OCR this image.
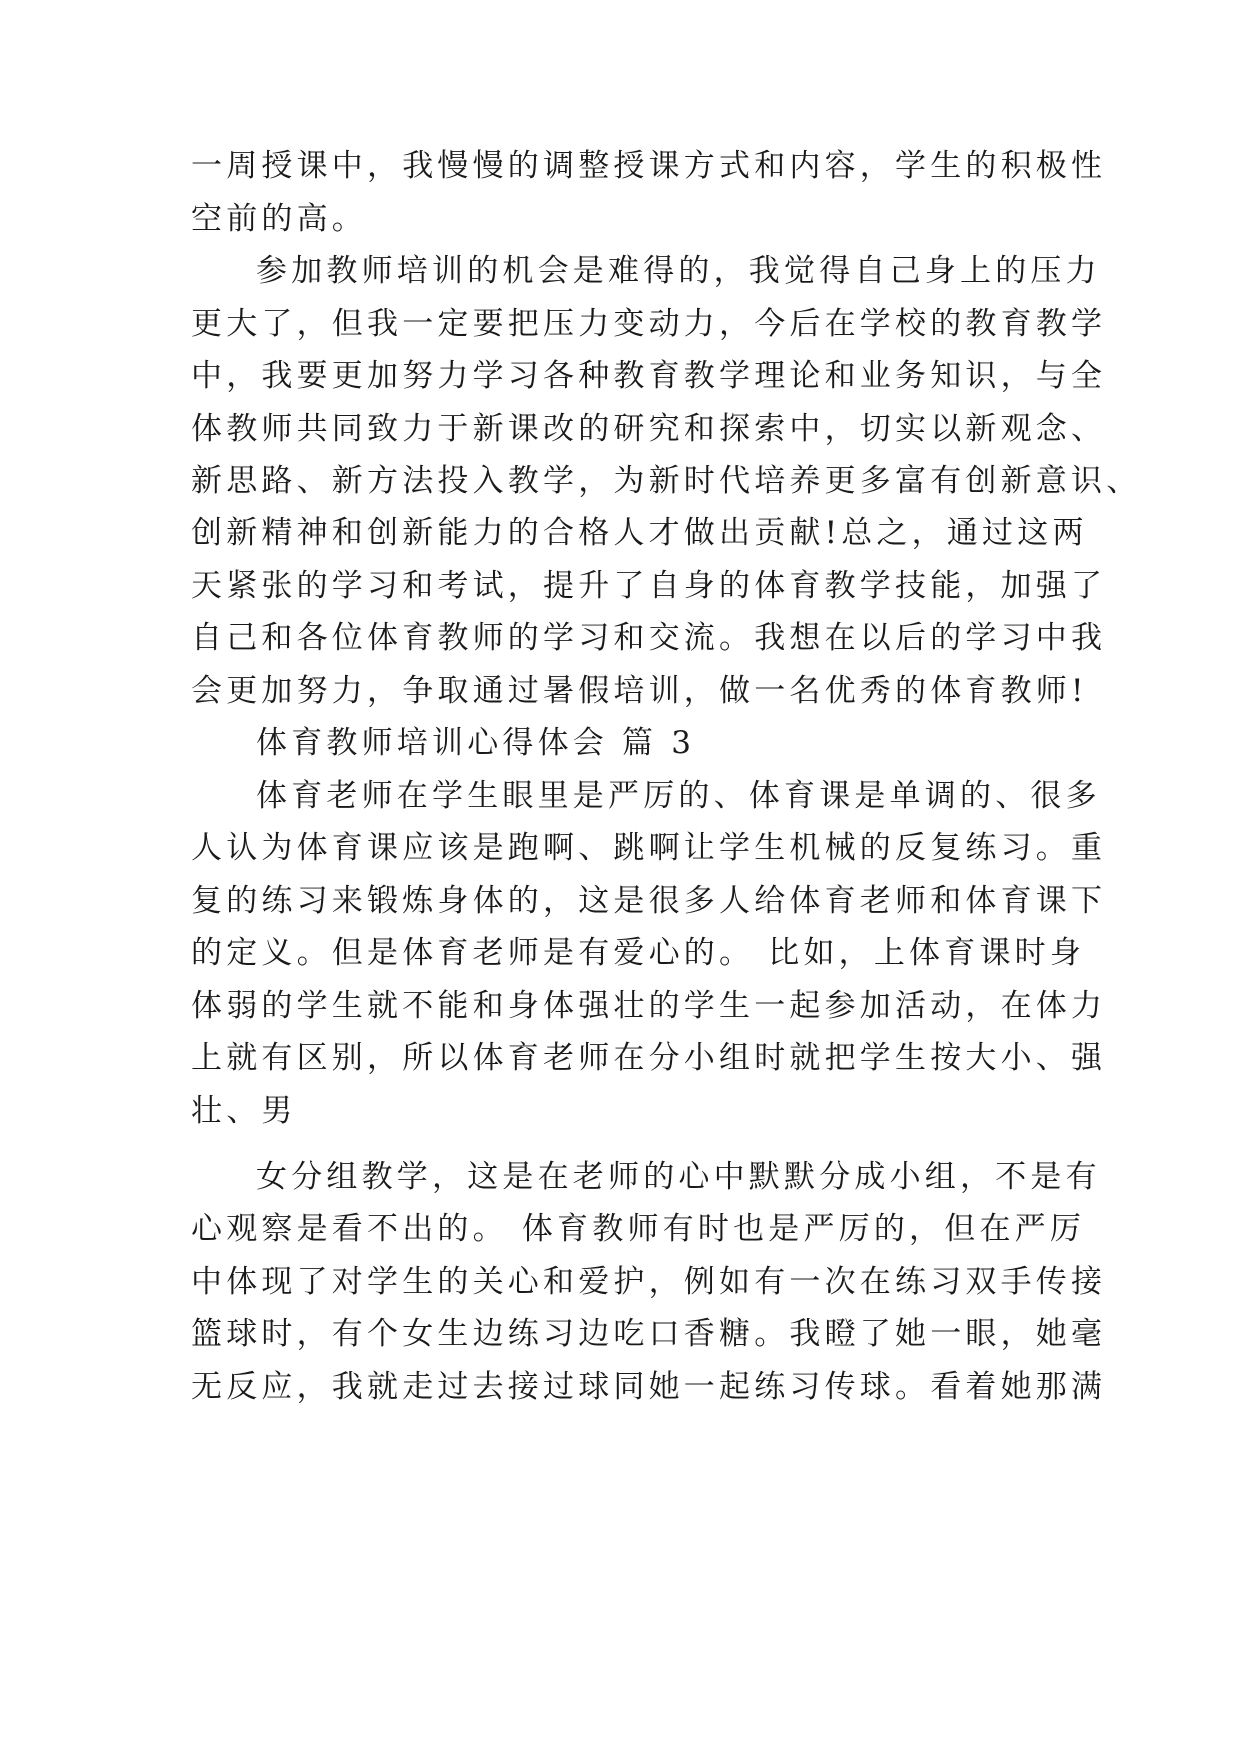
一周授课中，我慢慢的调整授课方式和内容，学生的积极性
空前的高。
参加教师培训的机会是难得的，我觉得自己身上的压力
更大了，但我一定要把压力变动力，今后在学校的教育教学
中，我要更加努力学习各种教育教学理论和业务知识，与全
体教师共同致力于新课改的研究和探索中，切实以新观念、
新思路、新方法投入教学，为新时代培养更多富有创新意识、
创新精神和创新能力的合格人才做出贡献!总之，通过这两
天紧张的学习和考试，提升了自身的体育教学技能，加强了
自己和各位体育教师的学习和交流。我想在以后的学习中我
会更加努力，争取通过暑假培训，做一名优秀的体育教师!
体育教师培训心得体会 篇 3
体育老师在学生眼里是严厉的、体育课是单调的、很多
人认为体育课应该是跑啊、跳啊让学生机械的反复练习。重
复的练习来锻炼身体的，这是很多人给体育老师和体育课下
的定义。但是体育老师是有爱心的。 比如，上体育课时身
体弱的学生就不能和身体强壮的学生一起参加活动，在体力
上就有区别，所以体育老师在分小组时就把学生按大小、强
壮、男
女分组教学，这是在老师的心中默默分成小组，不是有
心观察是看不出的。 体育教师有时也是严厉的，但在严厉
中体现了对学生的关心和爱护，例如有一次在练习双手传接
篮球时，有个女生边练习边吃口香糖。我瞪了她一眼，她毫
无反应，我就走过去接过球同她一起练习传球。看着她那满
